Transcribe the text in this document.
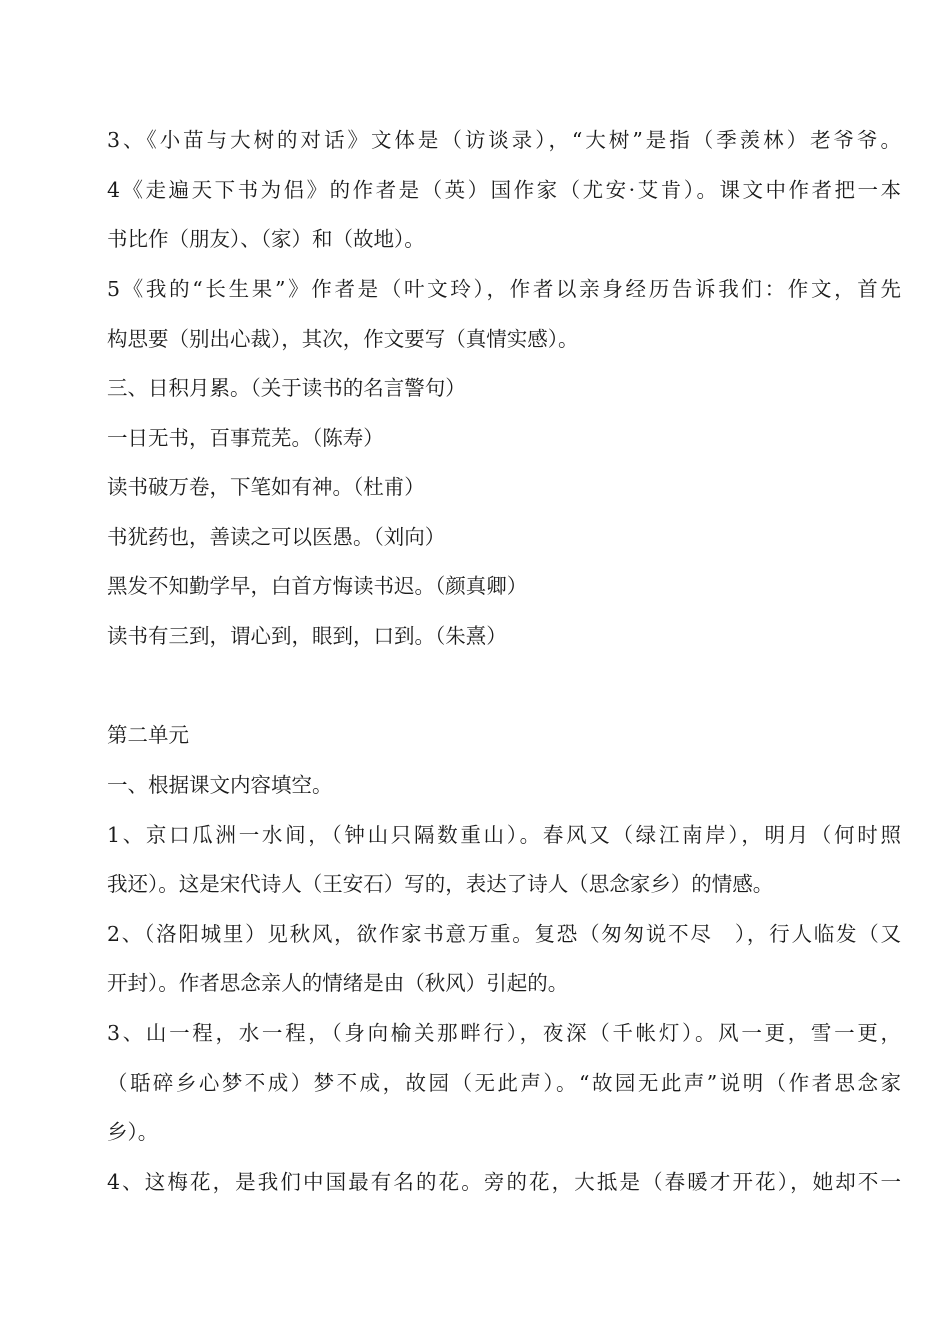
3、《小苗与大树的对话》文体是（访谈录），“大树”是指（季羡林）老爷爷。
4《走遍天下书为侣》的作者是（英）国作家（尤安·艾肯）。课文中作者把一本
书比作（朋友）、（家）和（故地）。
5《我的“长生果”》作者是（叶文玲），作者以亲身经历告诉我们：作文，首先
构思要（别出心裁），其次，作文要写（真情实感）。
三、日积月累。（关于读书的名言警句）
一日无书，百事荒芜。（陈寿）
读书破万卷，下笔如有神。（杜甫）
书犹药也，善读之可以医愚。（刘向）
黑发不知勤学早，白首方悔读书迟。（颜真卿）
读书有三到，谓心到，眼到，口到。（朱熹）
第二单元
一、根据课文内容填空。
1、京口瓜洲一水间，（钟山只隔数重山）。春风又（绿江南岸），明月（何时照
我还）。这是宋代诗人（王安石）写的，表达了诗人（思念家乡）的情感。
2、（洛阳城里）见秋风，欲作家书意万重。复恐（匆匆说不尽　），行人临发（又
开封）。作者思念亲人的情绪是由（秋风）引起的。
3、山一程，水一程，（身向榆关那畔行），夜深（千帐灯）。风一更，雪一更，
（聒碎乡心梦不成）梦不成，故园（无此声）。“故园无此声”说明（作者思念家
乡）。
4、这梅花，是我们中国最有名的花。旁的花，大抵是（春暖才开花），她却不一
